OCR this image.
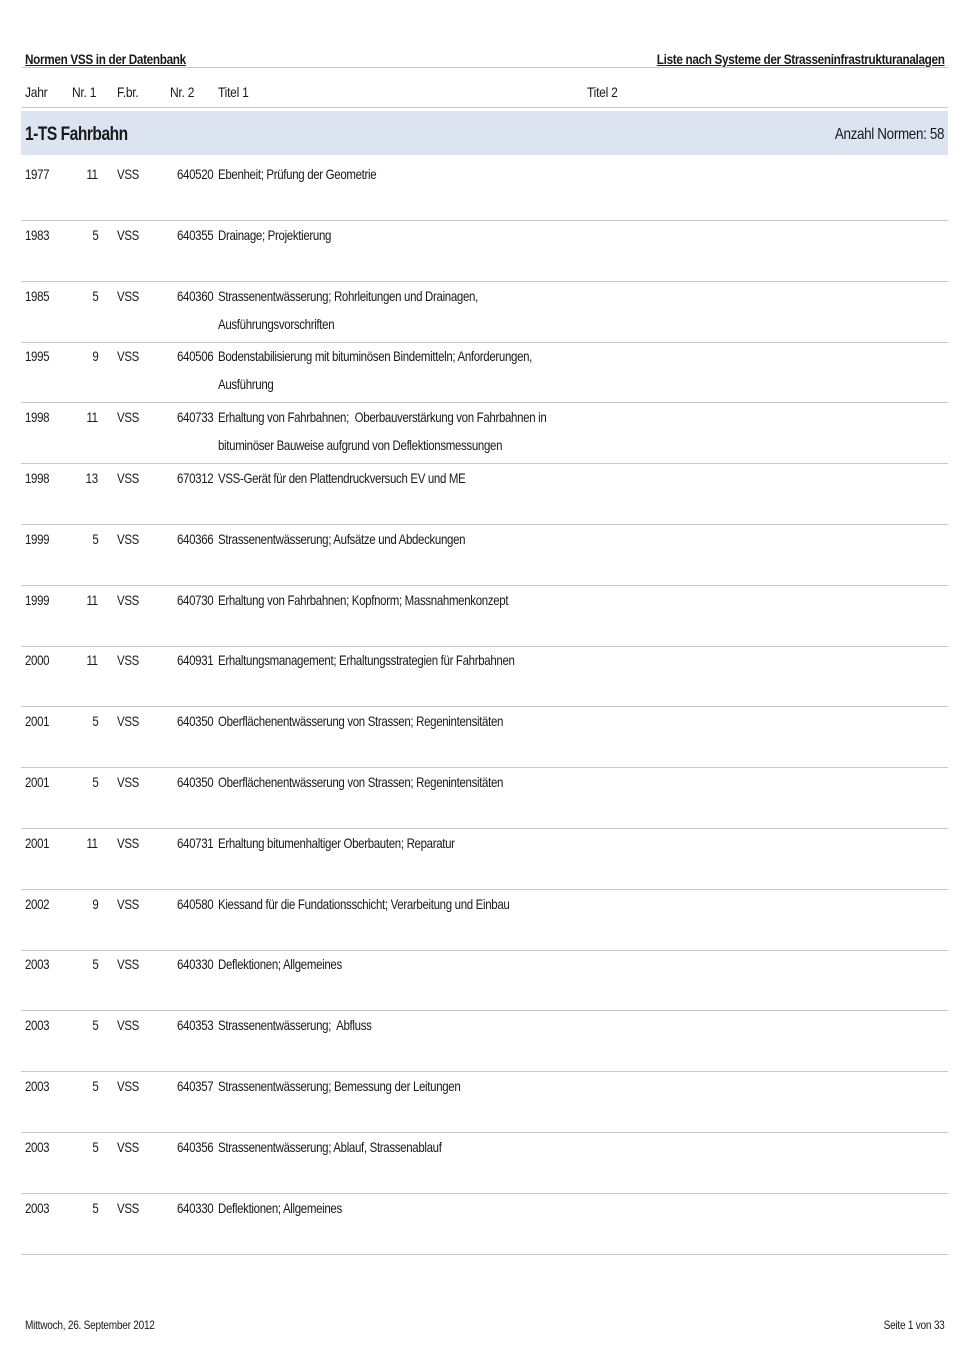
Normen VSS in der Datenbank	Liste nach Systeme der Strasseninfrastrukturanalagen
Jahr Nr. 1 F.br. Nr. 2 Titel 1	Titel 2
1-TS Fahrbahn	Anzahl Normen: 58
1977	11 VSS	640520 Ebenheit; Prüfung der Geometrie
1983	5 VSS	640355 Drainage; Projektierung
1985	5 VSS	640360 Strassenentwässerung; Rohrleitungen und Drainagen,
Ausführungsvorschriften
1995	9 VSS	640506 Bodenstabilisierung mit bituminösen Bindemitteln; Anforderungen,
Ausführung
1998	11 VSS	640733 Erhaltung von Fahrbahnen;  Oberbauverstärkung von Fahrbahnen in
bituminöser Bauweise aufgrund von Deflektionsmessungen
1998	13 VSS	670312 VSS-Gerät für den Plattendruckversuch EV und ME
1999	5 VSS	640366 Strassenentwässerung; Aufsätze und Abdeckungen
1999	11 VSS	640730 Erhaltung von Fahrbahnen; Kopfnorm; Massnahmenkonzept
2000	11 VSS	640931 Erhaltungsmanagement; Erhaltungsstrategien für Fahrbahnen
2001	5 VSS	640350 Oberflächenentwässerung von Strassen; Regenintensitäten
2001	5 VSS	640350 Oberflächenentwässerung von Strassen; Regenintensitäten
2001	11 VSS	640731 Erhaltung bitumenhaltiger Oberbauten; Reparatur
2002	9 VSS	640580 Kiessand für die Fundationsschicht; Verarbeitung und Einbau
2003	5 VSS	640330 Deflektionen; Allgemeines
2003	5 VSS	640353 Strassenentwässerung;  Abfluss
2003	5 VSS	640357 Strassenentwässerung; Bemessung der Leitungen
2003	5 VSS	640356 Strassenentwässerung; Ablauf, Strassenablauf
2003	5 VSS	640330 Deflektionen; Allgemeines
Mittwoch, 26. September 2012	Seite 1 von 33
